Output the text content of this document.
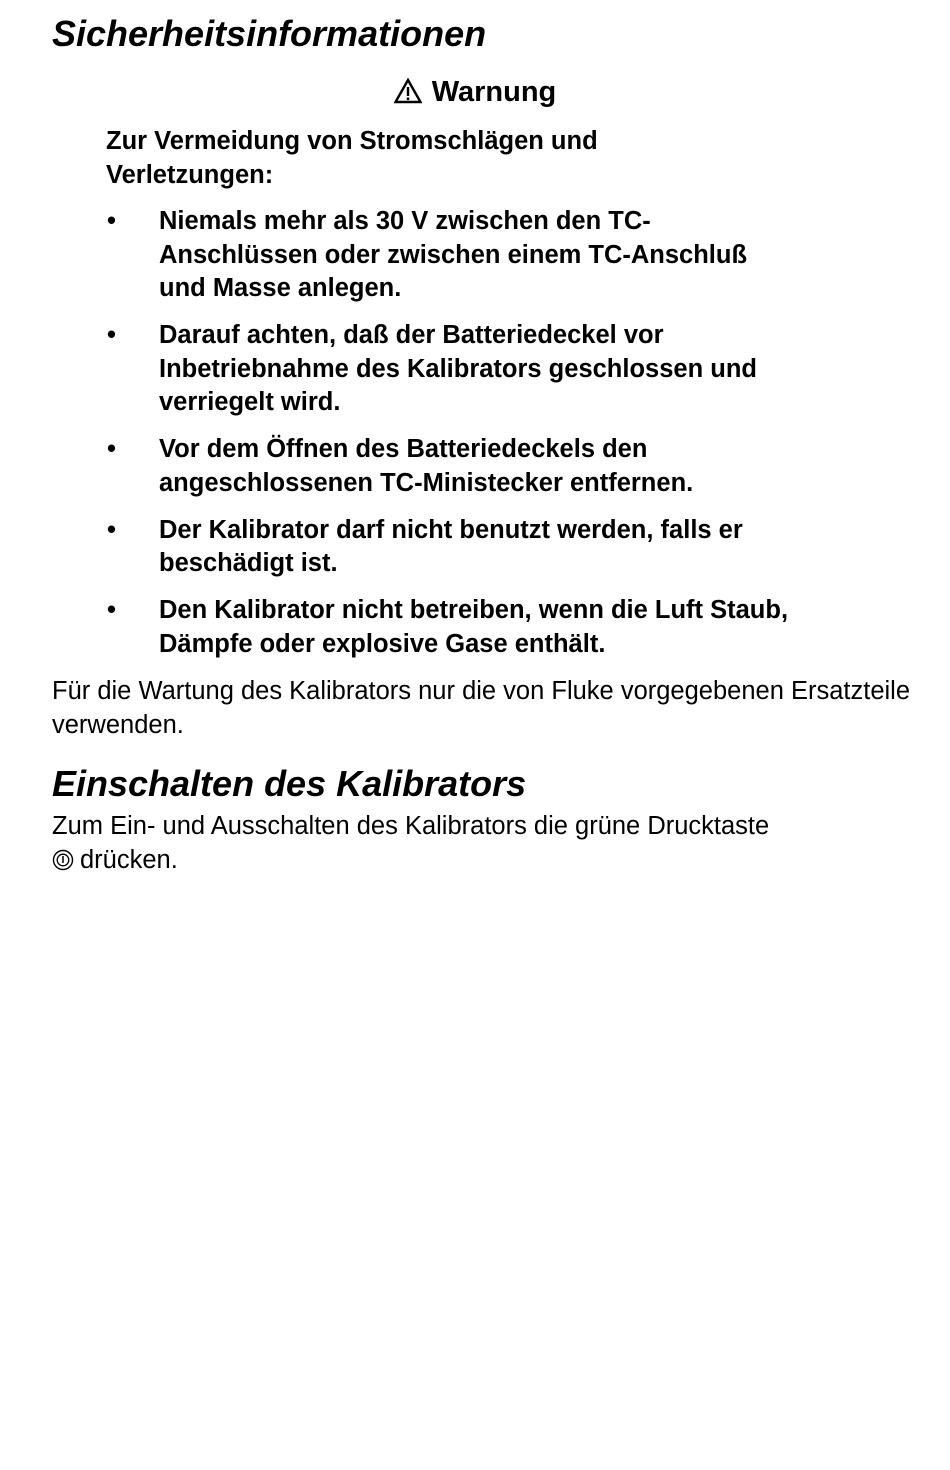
Sicherheitsinformationen
Warnung

Zur Vermeidung von Stromschlägen und Verletzungen:

• Niemals mehr als 30 V zwischen den TC-Anschlüssen oder zwischen einem TC-Anschluß und Masse anlegen.
• Darauf achten, daß der Batteriedeckel vor Inbetriebnahme des Kalibrators geschlossen und verriegelt wird.
• Vor dem Öffnen des Batteriedeckels den angeschlossenen TC-Ministecker entfernen.
• Der Kalibrator darf nicht benutzt werden, falls er beschädigt ist.
• Den Kalibrator nicht betreiben, wenn die Luft Staub, Dämpfe oder explosive Gase enthält.

Für die Wartung des Kalibrators nur die von Fluke vorgegebenen Ersatzteile verwenden.

Einschalten des Kalibrators

Zum Ein- und Ausschalten des Kalibrators die grüne Drucktaste
drücken.
